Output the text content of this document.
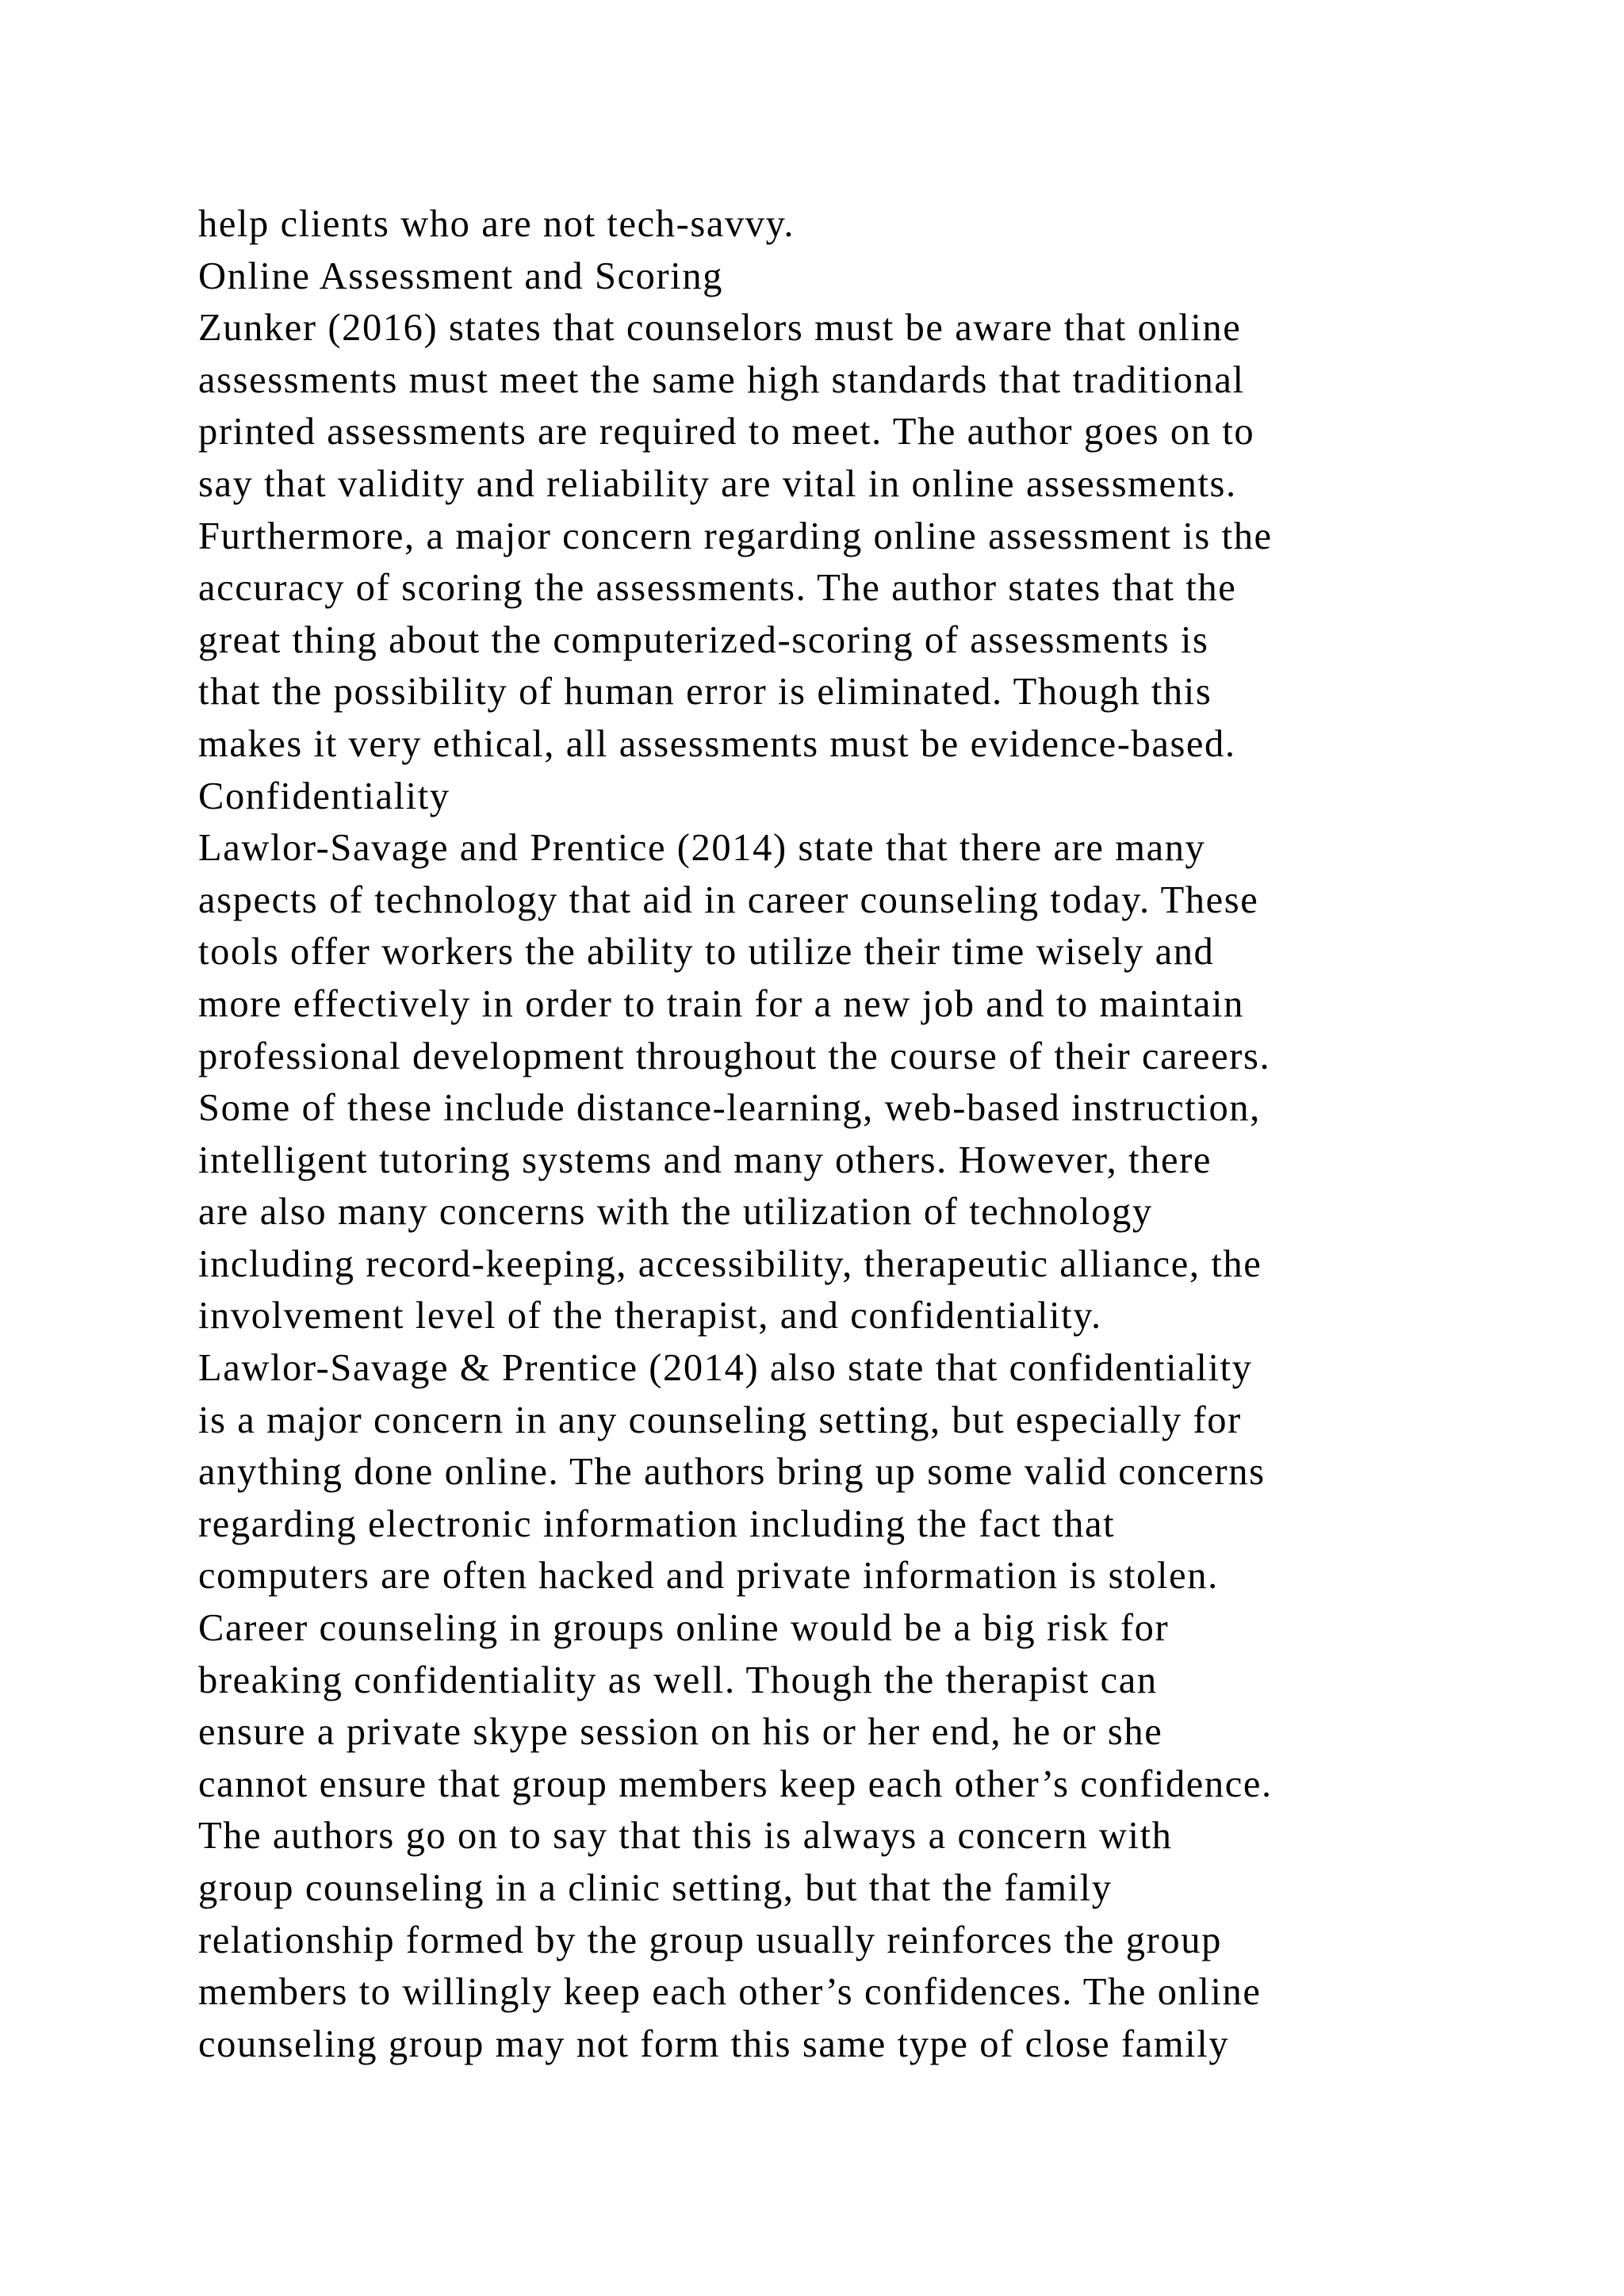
help clients who are not tech-savvy.
Online Assessment and Scoring
Zunker (2016) states that counselors must be aware that online
assessments must meet the same high standards that traditional
printed assessments are required to meet. The author goes on to
say that validity and reliability are vital in online assessments.
Furthermore, a major concern regarding online assessment is the
accuracy of scoring the assessments. The author states that the
great thing about the computerized-scoring of assessments is
that the possibility of human error is eliminated. Though this
makes it very ethical, all assessments must be evidence-based.
Confidentiality
Lawlor-Savage and Prentice (2014) state that there are many
aspects of technology that aid in career counseling today. These
tools offer workers the ability to utilize their time wisely and
more effectively in order to train for a new job and to maintain
professional development throughout the course of their careers.
Some of these include distance-learning, web-based instruction,
intelligent tutoring systems and many others. However, there
are also many concerns with the utilization of technology
including record-keeping, accessibility, therapeutic alliance, the
involvement level of the therapist, and confidentiality.
Lawlor-Savage & Prentice (2014) also state that confidentiality
is a major concern in any counseling setting, but especially for
anything done online. The authors bring up some valid concerns
regarding electronic information including the fact that
computers are often hacked and private information is stolen.
Career counseling in groups online would be a big risk for
breaking confidentiality as well. Though the therapist can
ensure a private skype session on his or her end, he or she
cannot ensure that group members keep each other’s confidence.
The authors go on to say that this is always a concern with
group counseling in a clinic setting, but that the family
relationship formed by the group usually reinforces the group
members to willingly keep each other’s confidences. The online
counseling group may not form this same type of close family
